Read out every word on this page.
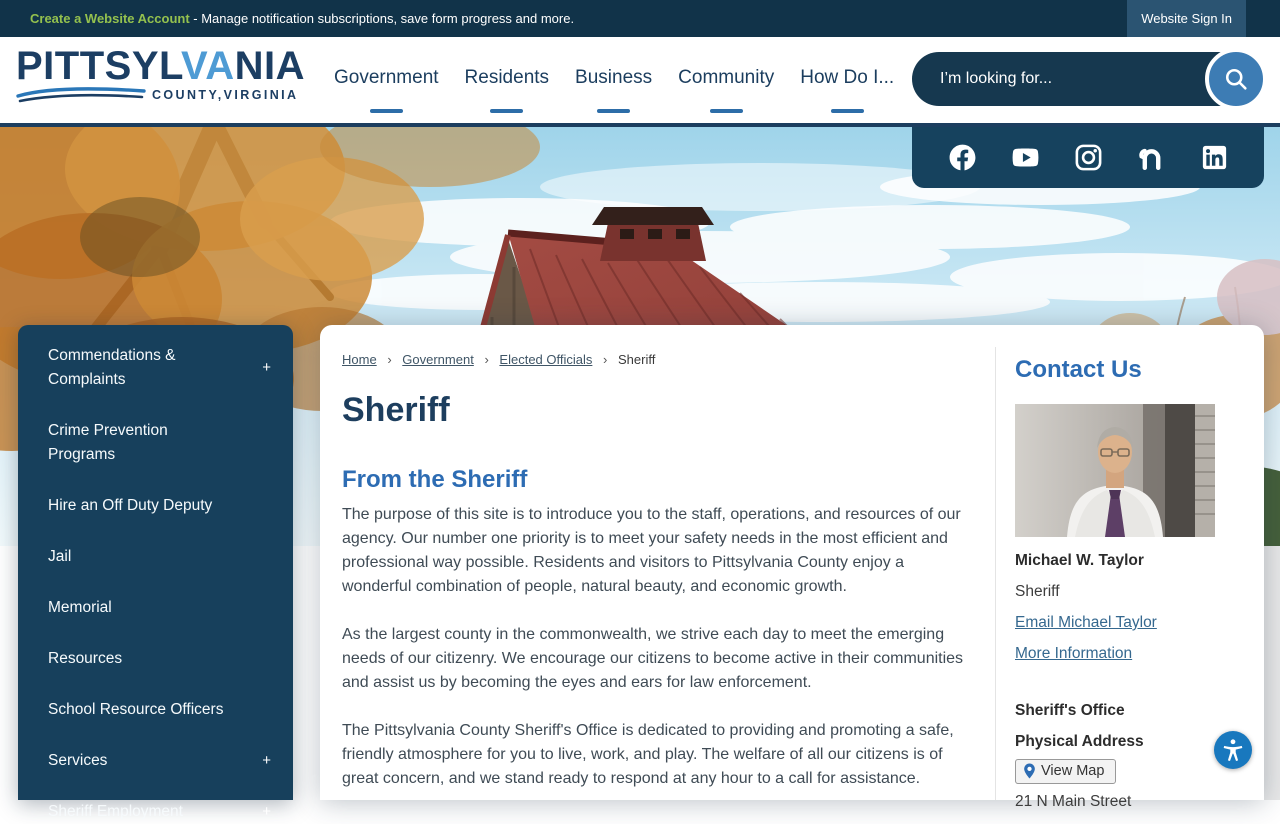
Create a Website Account - Manage notification subscriptions, save form progress and more.	Website Sign In
PITTSYLVANIA
COUNTY,VIRGINIA
Government Residents Business Community How Do I...
I’m looking for...
Commendations & Complaints
+
Crime Prevention Programs
Hire an Off Duty Deputy
Jail
Memorial
Resources
School Resource Officers
Services	+
Sheriff Employment	+
Home › Government › Elected Officials › Sheriff
Sheriff
From the Sheriff

The purpose of this site is to introduce you to the staff, operations, and resources of our agency. Our number one priority is to meet your safety needs in the most efficient and professional way possible. Residents and visitors to Pittsylvania County enjoy a wonderful combination of people, natural beauty, and economic growth.

As the largest county in the commonwealth, we strive each day to meet the emerging needs of our citizenry. We encourage our citizens to become active in their communities and assist us by becoming the eyes and ears for law enforcement.

The Pittsylvania County Sheriff's Office is dedicated to providing and promoting a safe, friendly atmosphere for you to live, work, and play. The welfare of all our citizens is of great concern, and we stand ready to respond at any hour to a call for assistance.

Contact Us
Michael W. Taylor
Sheriff
Email Michael Taylor
More Information
Sheriff's Office
Physical Address
View Map
21 N Main Street
